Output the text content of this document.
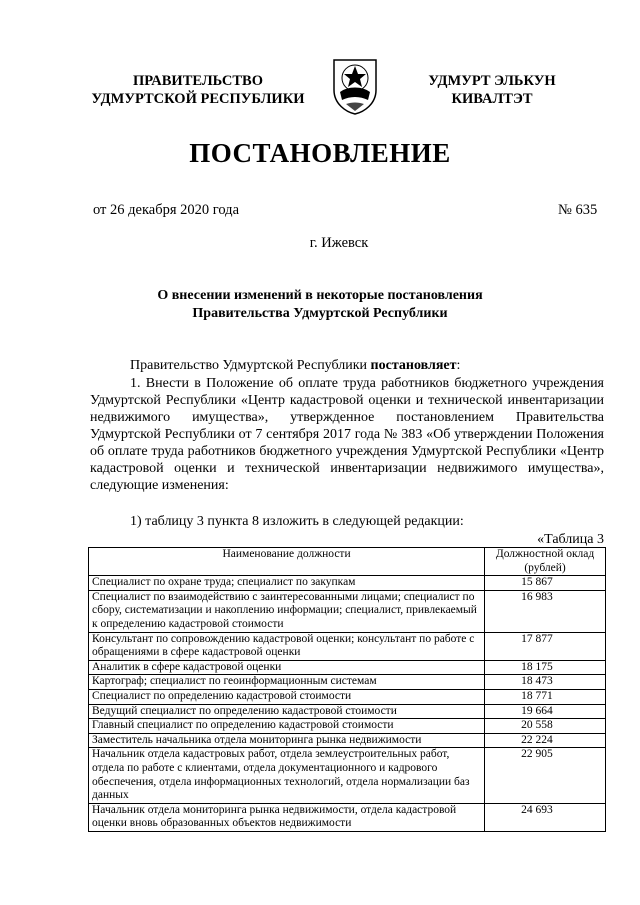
ПРАВИТЕЛЬСТВО
УДМУРТСКОЙ РЕСПУБЛИКИ
УДМУРТ ЭЛЬКУН
КИВАЛТЭТ
ПОСТАНОВЛЕНИЕ
от 26 декабря 2020 года	№ 635
г. Ижевск
О внесении изменений в некоторые постановления
Правительства Удмуртской Республики
Правительство Удмуртской Республики постановляет:
1. Внести в Положение об оплате труда работников бюджетного учреждения Удмуртской Республики «Центр кадастровой оценки и технической инвентаризации недвижимого имущества», утвержденное постановлением Правительства Удмуртской Республики от 7 сентября 2017 года № 383 «Об утверждении Положения об оплате труда работников бюджетного учреждения Удмуртской Республики «Центр кадастровой оценки и технической инвентаризации недвижимого имущества», следующие изменения:
1) таблицу 3 пункта 8 изложить в следующей редакции:
«Таблица 3
Наименование должности	Должностной оклад
(рублей)

Специалист по охране труда; специалист по закупкам	15 867
Специалист по взаимодействию с заинтересованными лицами; специалист по сбору, систематизации и накоплению информации; специалист, привлекаемый к определению кадастровой стоимости	16 983
Консультант по сопровождению кадастровой оценки; консультант по работе с обращениями в сфере кадастровой оценки	17 877
Аналитик в сфере кадастровой оценки	18 175
Картограф; специалист по геоинформационным системам	18 473
Специалист по определению кадастровой стоимости	18 771
Ведущий специалист по определению кадастровой стоимости	19 664
Главный специалист по определению кадастровой стоимости	20 558
Заместитель начальника отдела мониторинга рынка недвижимости	22 224
Начальник отдела кадастровых работ, отдела землеустроительных работ, отдела по работе с клиентами, отдела документационного и кадрового обеспечения, отдела информационных технологий, отдела нормализации баз данных	22 905
Начальник отдела мониторинга рынка недвижимости, отдела кадастровой оценки вновь образованных объектов недвижимости	24 693
